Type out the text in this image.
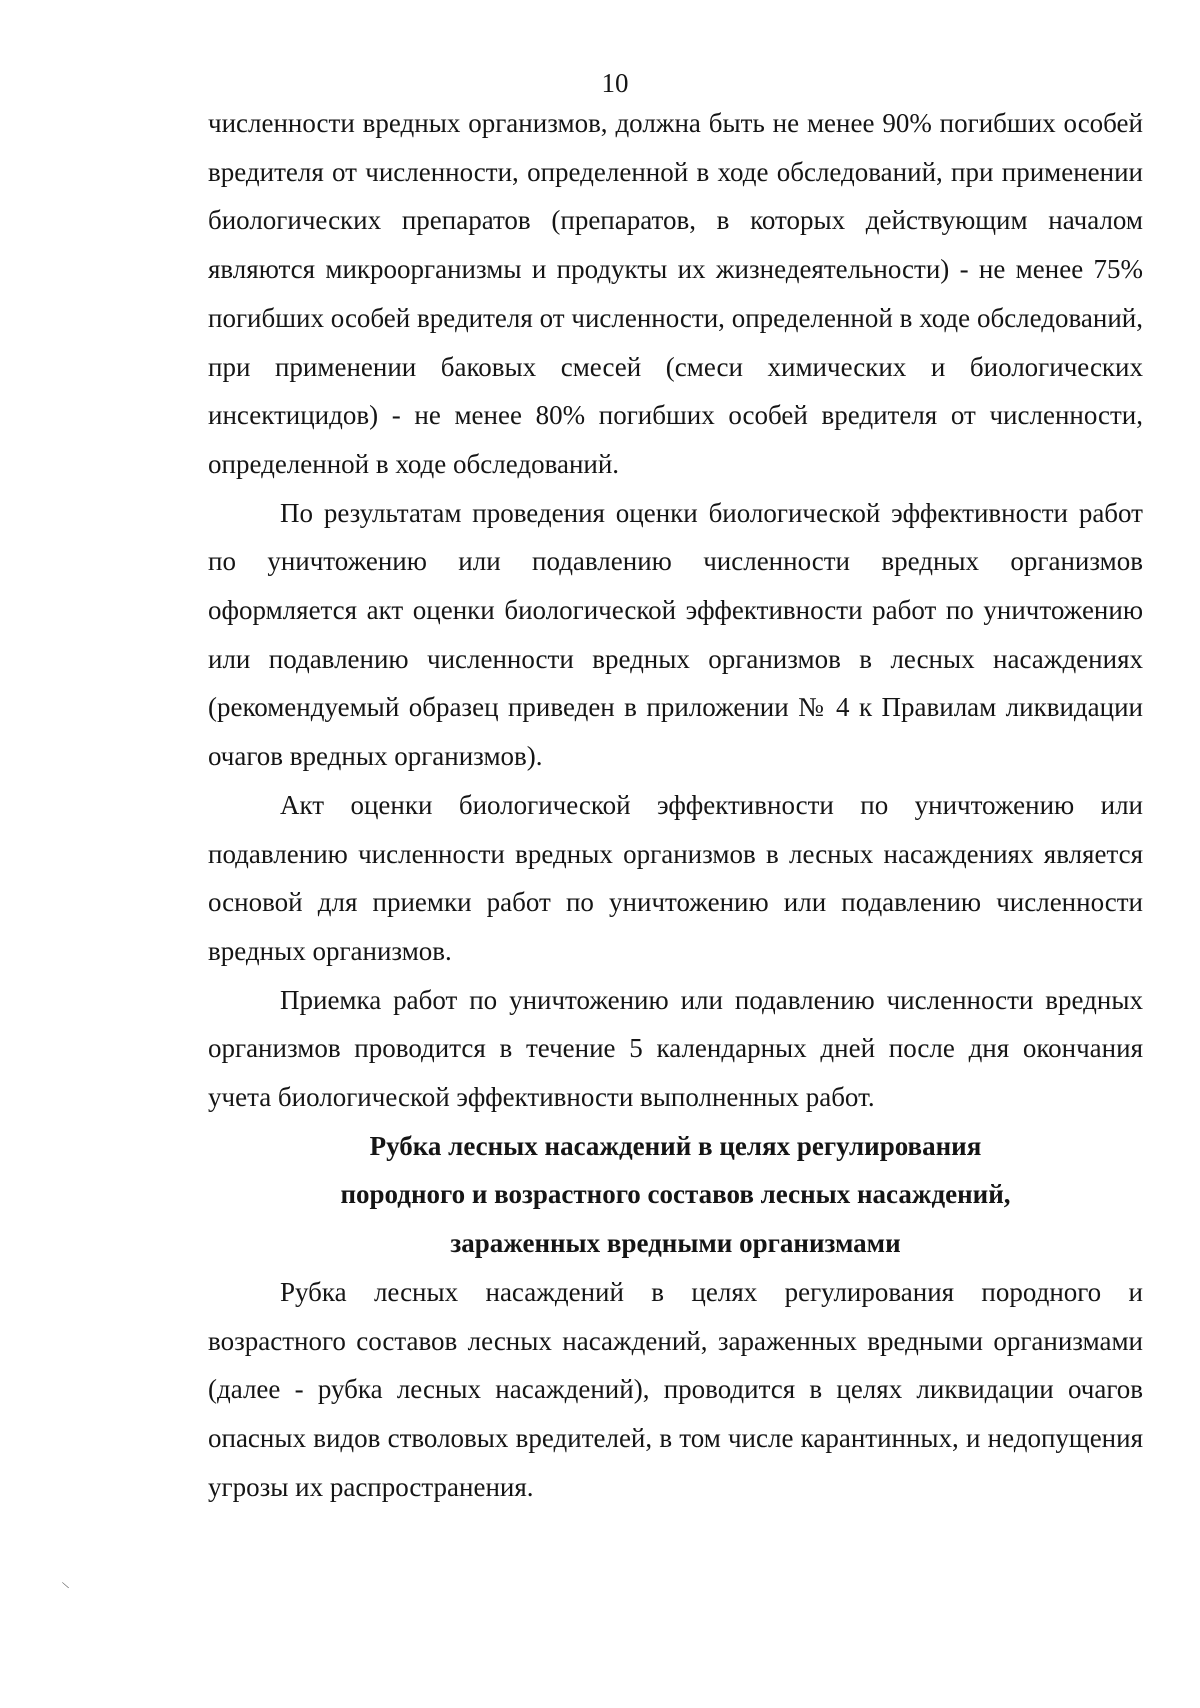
10

численности вредных организмов, должна быть не менее 90% погибших особей вредителя от численности, определенной в ходе обследований, при применении биологических препаратов (препаратов, в которых действующим началом являются микроорганизмы и продукты их жизнедеятельности) - не менее 75% погибших особей вредителя от численности, определенной в ходе обследований, при применении баковых смесей (смеси химических и биологических инсектицидов) - не менее 80% погибших особей вредителя от численности, определенной в ходе обследований.

По результатам проведения оценки биологической эффективности работ по уничтожению или подавлению численности вредных организмов оформляется акт оценки биологической эффективности работ по уничтожению или подавлению численности вредных организмов в лесных насаждениях (рекомендуемый образец приведен в приложении № 4 к Правилам ликвидации очагов вредных организмов).

Акт оценки биологической эффективности по уничтожению или подавлению численности вредных организмов в лесных насаждениях является основой для приемки работ по уничтожению или подавлению численности вредных организмов.

Приемка работ по уничтожению или подавлению численности вредных организмов проводится в течение 5 календарных дней после дня окончания учета биологической эффективности выполненных работ.

Рубка лесных насаждений в целях регулирования

породного и возрастного составов лесных насаждений,

зараженных вредными организмами

Рубка лесных насаждений в целях регулирования породного и возрастного составов лесных насаждений, зараженных вредными организмами (далее - рубка лесных насаждений), проводится в целях ликвидации очагов опасных видов стволовых вредителей, в том числе карантинных, и недопущения угрозы их распространения.

\
